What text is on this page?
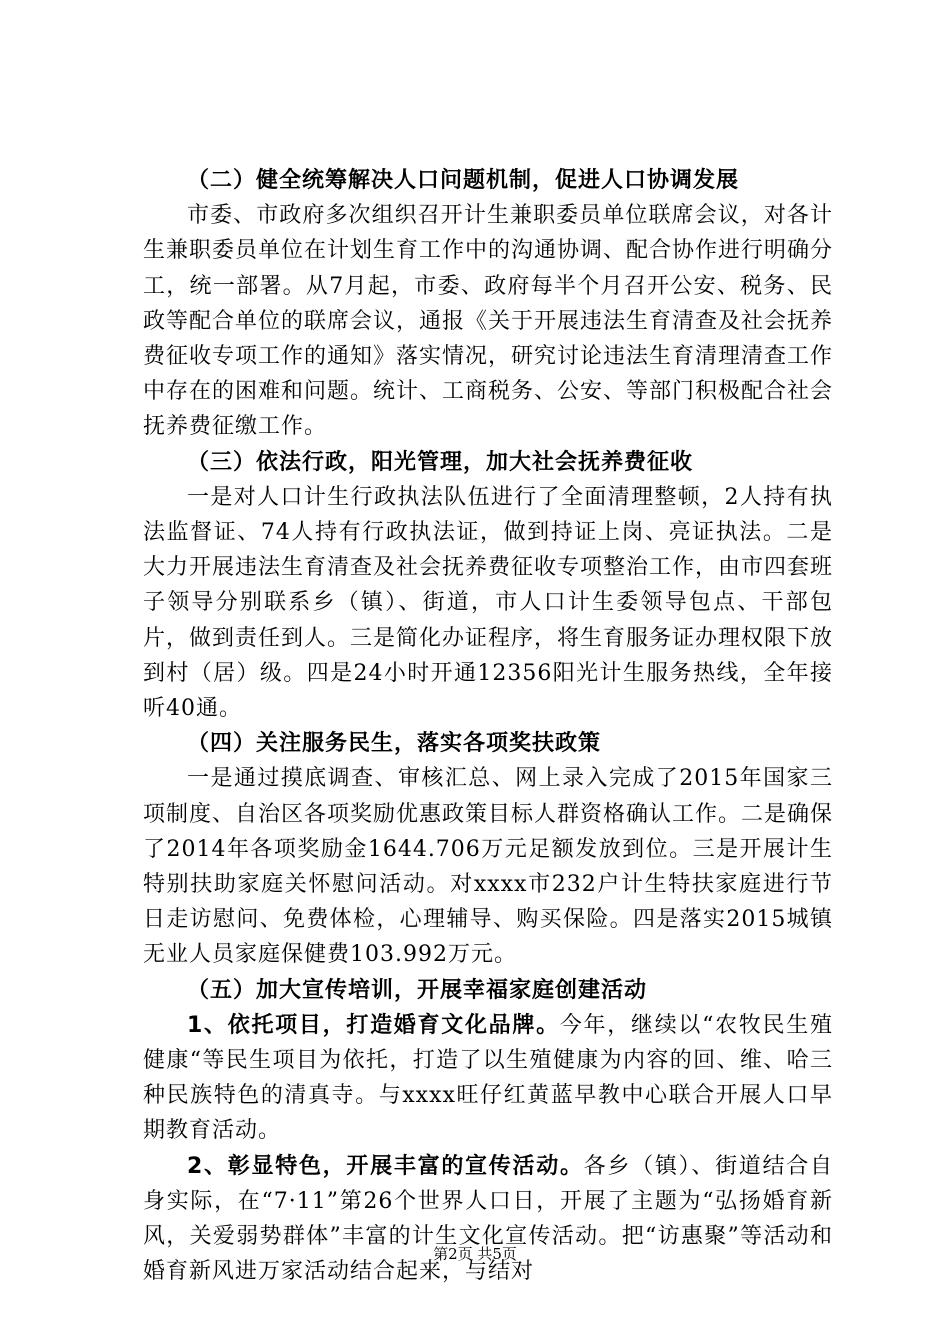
（二）健全统筹解决人口问题机制，促进人口协调发展

市委、市政府多次组织召开计生兼职委员单位联席会议，对各计生兼职委员单位在计划生育工作中的沟通协调、配合协作进行明确分工，统一部署。从7月起，市委、政府每半个月召开公安、税务、民政等配合单位的联席会议，通报《关于开展违法生育清查及社会抚养费征收专项工作的通知》落实情况，研究讨论违法生育清理清查工作中存在的困难和问题。统计、工商税务、公安、等部门积极配合社会抚养费征缴工作。

（三）依法行政，阳光管理，加大社会抚养费征收

一是对人口计生行政执法队伍进行了全面清理整顿，2人持有执法监督证、74人持有行政执法证，做到持证上岗、亮证执法。二是大力开展违法生育清查及社会抚养费征收专项整治工作，由市四套班子领导分别联系乡（镇）、街道，市人口计生委领导包点、干部包片，做到责任到人。三是简化办证程序，将生育服务证办理权限下放到村（居）级。四是24小时开通12356阳光计生服务热线，全年接听40通。

（四）关注服务民生，落实各项奖扶政策

一是通过摸底调查、审核汇总、网上录入完成了2015年国家三项制度、自治区各项奖励优惠政策目标人群资格确认工作。二是确保了2014年各项奖励金1644.706万元足额发放到位。三是开展计生特别扶助家庭关怀慰问活动。对xxxx市232户计生特扶家庭进行节日走访慰问、免费体检，心理辅导、购买保险。四是落实2015城镇无业人员家庭保健费103.992万元。

（五）加大宣传培训，开展幸福家庭创建活动

1、依托项目，打造婚育文化品牌。今年，继续以“农牧民生殖健康“等民生项目为依托，打造了以生殖健康为内容的回、维、哈三种民族特色的清真寺。与xxxx旺仔红黄蓝早教中心联合开展人口早期教育活动。

2、彰显特色，开展丰富的宣传活动。各乡（镇）、街道结合自身实际，在“7·11”第26个世界人口日，开展了主题为“弘扬婚育新风，关爱弱势群体”丰富的计生文化宣传活动。把“访惠聚”等活动和婚育新风进万家活动结合起来，与结对

第2页 共5页
